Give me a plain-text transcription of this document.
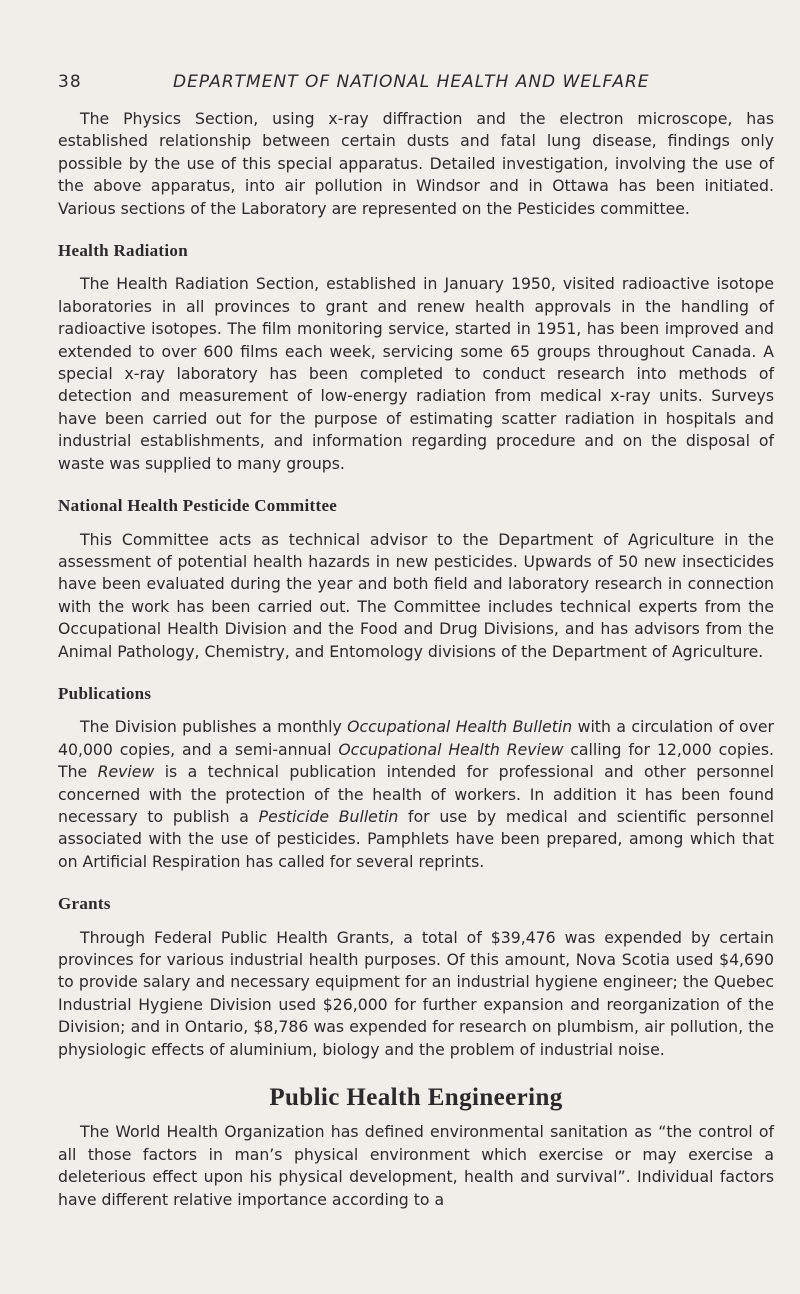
38	DEPARTMENT OF NATIONAL HEALTH AND WELFARE

The Physics Section, using x-ray diffraction and the electron microscope, has established relationship between certain dusts and fatal lung disease, findings only possible by the use of this special apparatus. Detailed investigation, involving the use of the above apparatus, into air pollution in Windsor and in Ottawa has been initiated. Various sections of the Laboratory are represented on the Pesticides committee.

Health Radiation

The Health Radiation Section, established in January 1950, visited radioactive isotope laboratories in all provinces to grant and renew health approvals in the handling of radioactive isotopes. The film monitoring service, started in 1951, has been improved and extended to over 600 films each week, servicing some 65 groups throughout Canada. A special x-ray laboratory has been completed to conduct research into methods of detection and measurement of low-energy radiation from medical x-ray units. Surveys have been carried out for the purpose of estimating scatter radiation in hospitals and industrial establishments, and information regarding procedure and on the disposal of waste was supplied to many groups.

National Health Pesticide Committee

This Committee acts as technical advisor to the Department of Agriculture in the assessment of potential health hazards in new pesticides. Upwards of 50 new insecticides have been evaluated during the year and both field and laboratory research in connection with the work has been carried out. The Committee includes technical experts from the Occupational Health Division and the Food and Drug Divisions, and has advisors from the Animal Pathology, Chemistry, and Entomology divisions of the Department of Agriculture.

Publications

The Division publishes a monthly Occupational Health Bulletin with a circulation of over 40,000 copies, and a semi-annual Occupational Health Review calling for 12,000 copies. The Review is a technical publication intended for professional and other personnel concerned with the protection of the health of workers. In addition it has been found necessary to publish a Pesticide Bulletin for use by medical and scientific personnel associated with the use of pesticides. Pamphlets have been prepared, among which that on Artificial Respiration has called for several reprints.

Grants

Through Federal Public Health Grants, a total of $39,476 was expended by certain provinces for various industrial health purposes. Of this amount, Nova Scotia used $4,690 to provide salary and necessary equipment for an industrial hygiene engineer; the Quebec Industrial Hygiene Division used $26,000 for further expansion and reorganization of the Division; and in Ontario, $8,786 was expended for research on plumbism, air pollution, the physiologic effects of aluminium, biology and the problem of industrial noise.

Public Health Engineering

The World Health Organization has defined environmental sanitation as “the control of all those factors in man’s physical environment which exercise or may exercise a deleterious effect upon his physical development, health and survival”. Individual factors have different relative importance according to a
